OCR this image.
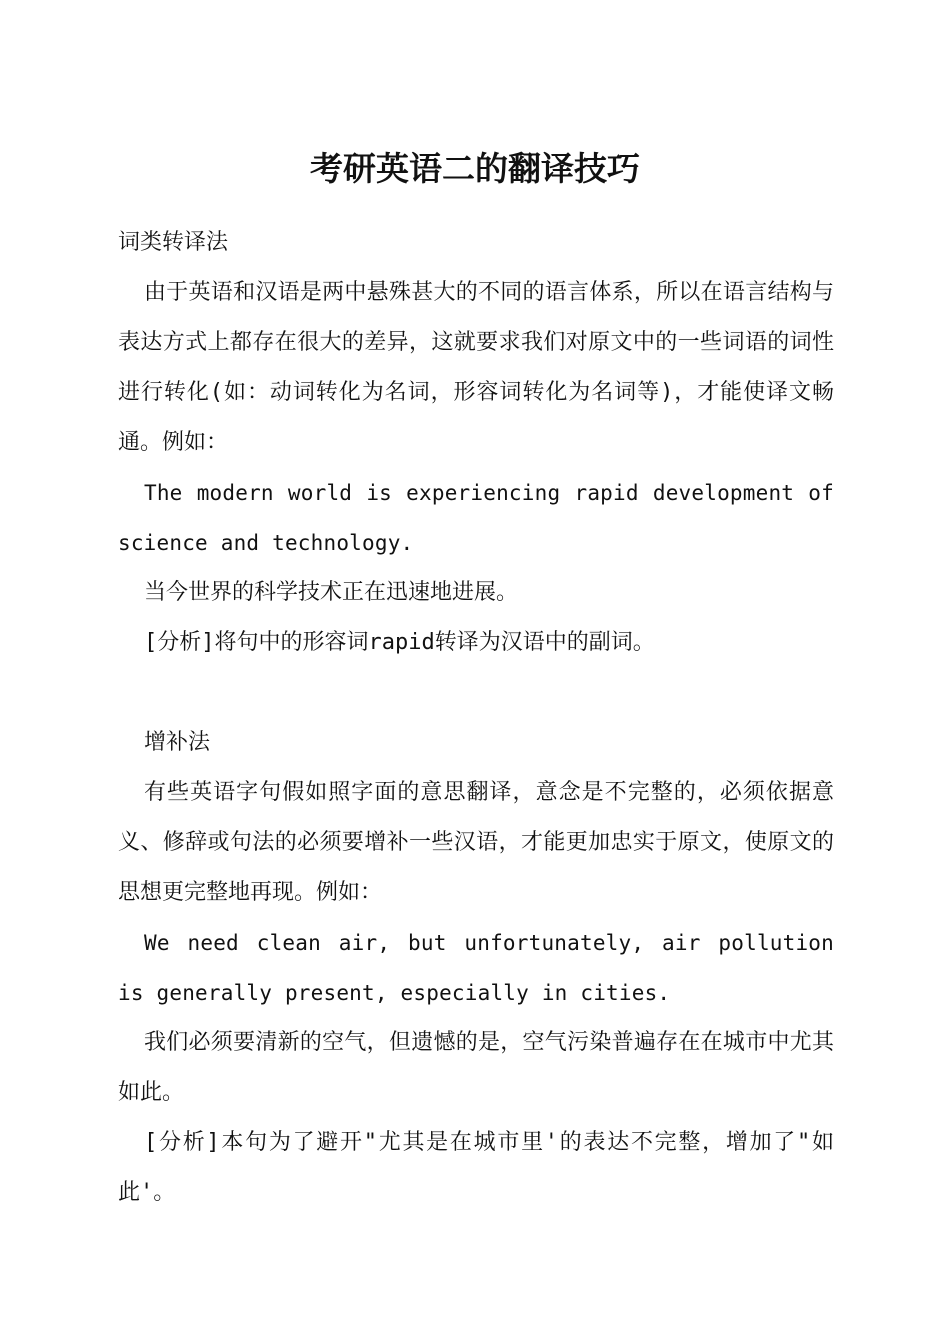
考研英语二的翻译技巧

词类转译法

由于英语和汉语是两中悬殊甚大的不同的语言体系，所以在语言结构与表达方式上都存在很大的差异，这就要求我们对原文中的一些词语的词性进行转化(如：动词转化为名词，形容词转化为名词等)，才能使译文畅通。例如：

The modern world is experiencing rapid development of science and technology.

当今世界的科学技术正在迅速地进展。

[分析]将句中的形容词rapid转译为汉语中的副词。

增补法

有些英语字句假如照字面的意思翻译，意念是不完整的，必须依据意义、修辞或句法的必须要增补一些汉语，才能更加忠实于原文，使原文的思想更完整地再现。例如：

We need clean air, but unfortunately, air pollution is generally present, especially in cities.

我们必须要清新的空气，但遗憾的是，空气污染普遍存在在城市中尤其如此。

[分析]本句为了避开"尤其是在城市里'的表达不完整，增加了"如此'。
